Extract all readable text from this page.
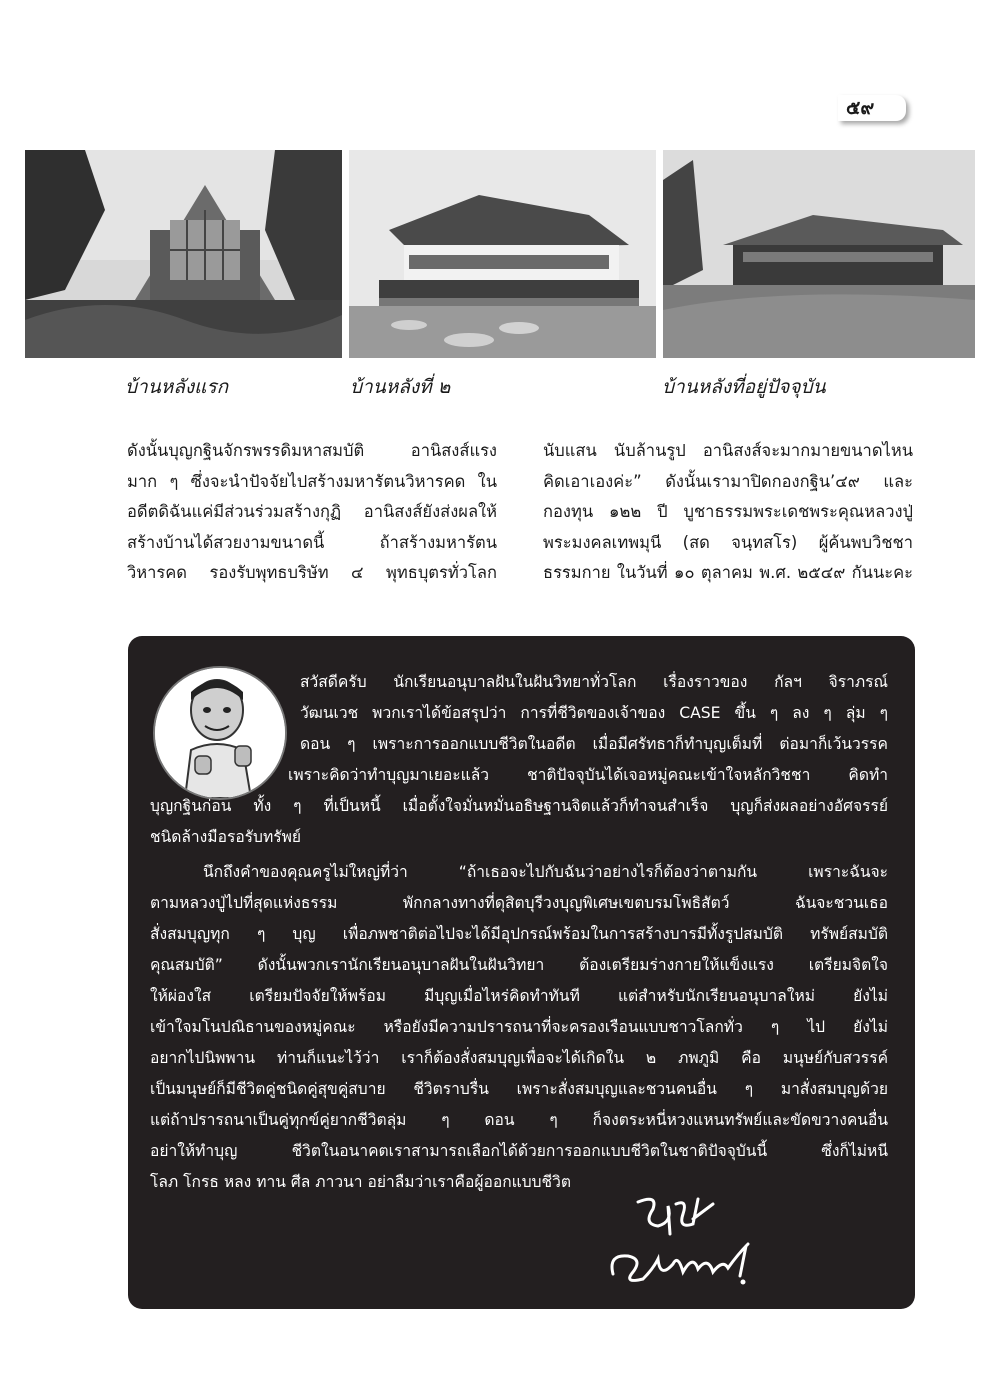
๕๙
บ้านหลังแรก	บ้านหลังที่ ๒	บ้านหลังที่อยู่ปัจจุบัน
ดังนั้นบุญกฐินจักรพรรดิมหาสมบัติ อานิสงส์แรง
มาก ๆ ซึ่งจะนำปัจจัยไปสร้างมหารัตนวิหารคด ใน
อดีตดิฉันแค่มีส่วนร่วมสร้างกุฏิ อานิสงส์ยังส่งผลให้
สร้างบ้านได้สวยงามขนาดนี้ ถ้าสร้างมหารัตน
วิหารคด รองรับพุทธบริษัท ๔ พุทธบุตรทั่วโลก
นับแสน นับล้านรูป อานิสงส์จะมากมายขนาดไหน
คิดเอาเองค่ะ” ดังนั้นเรามาปิดกองกฐิน’๔๙ และ
กองทุน ๑๒๒ ปี บูชาธรรมพระเดชพระคุณหลวงปู่
พระมงคลเทพมุนี (สด จนฺทสโร) ผู้ค้นพบวิชชา
ธรรมกาย ในวันที่ ๑๐ ตุลาคม พ.ศ. ๒๕๔๙ กันนะคะ
สวัสดีครับ นักเรียนอนุบาลฝันในฝันวิทยาทั่วโลก เรื่องราวของ กัลฯ จิราภรณ์
วัฒนเวช พวกเราได้ข้อสรุปว่า การที่ชีวิตของเจ้าของ CASE ขึ้น ๆ ลง ๆ ลุ่ม ๆ
ดอน ๆ เพราะการออกแบบชีวิตในอดีต เมื่อมีศรัทธาก็ทำบุญเต็มที่ ต่อมาก็เว้นวรรค
เพราะคิดว่าทำบุญมาเยอะแล้ว ชาติปัจจุบันได้เจอหมู่คณะเข้าใจหลักวิชชา คิดทำ
บุญกฐินก่อน ทั้ง ๆ ที่เป็นหนี้ เมื่อตั้งใจมั่นหมั่นอธิษฐานจิตแล้วก็ทำจนสำเร็จ บุญก็ส่งผลอย่างอัศจรรย์
ชนิดล้างมือรอรับทรัพย์
นึกถึงคำของคุณครูไม่ใหญ่ที่ว่า “ถ้าเธอจะไปกับฉันว่าอย่างไรก็ต้องว่าตามกัน เพราะฉันจะ
ตามหลวงปู่ไปที่สุดแห่งธรรม พักกลางทางที่ดุสิตบุรีวงบุญพิเศษเขตบรมโพธิสัตว์ ฉันจะชวนเธอ
สั่งสมบุญทุก ๆ บุญ เพื่อภพชาติต่อไปจะได้มีอุปกรณ์พร้อมในการสร้างบารมีทั้งรูปสมบัติ ทรัพย์สมบัติ
คุณสมบัติ” ดังนั้นพวกเรานักเรียนอนุบาลฝันในฝันวิทยา ต้องเตรียมร่างกายให้แข็งแรง เตรียมจิตใจ
ให้ผ่องใส เตรียมปัจจัยให้พร้อม มีบุญเมื่อไหร่คิดทำทันที แต่สำหรับนักเรียนอนุบาลใหม่ ยังไม่
เข้าใจมโนปณิธานของหมู่คณะ หรือยังมีความปรารถนาที่จะครองเรือนแบบชาวโลกทั่ว ๆ ไป ยังไม่
อยากไปนิพพาน ท่านก็แนะไว้ว่า เราก็ต้องสั่งสมบุญเพื่อจะได้เกิดใน ๒ ภพภูมิ คือ มนุษย์กับสวรรค์
เป็นมนุษย์ก็มีชีวิตคู่ชนิดคู่สุขคู่สบาย ชีวิตราบรื่น เพราะสั่งสมบุญและชวนคนอื่น ๆ มาสั่งสมบุญด้วย
แต่ถ้าปรารถนาเป็นคู่ทุกข์คู่ยากชีวิตลุ่ม ๆ ดอน ๆ ก็จงตระหนี่หวงแหนทรัพย์และขัดขวางคนอื่น
อย่าให้ทำบุญ ชีวิตในอนาคตเราสามารถเลือกได้ด้วยการออกแบบชีวิตในชาติปัจจุบันนี้ ซึ่งก็ไม่หนี
โลภ โกรธ หลง ทาน ศีล ภาวนา อย่าลืมว่าเราคือผู้ออกแบบชีวิต
